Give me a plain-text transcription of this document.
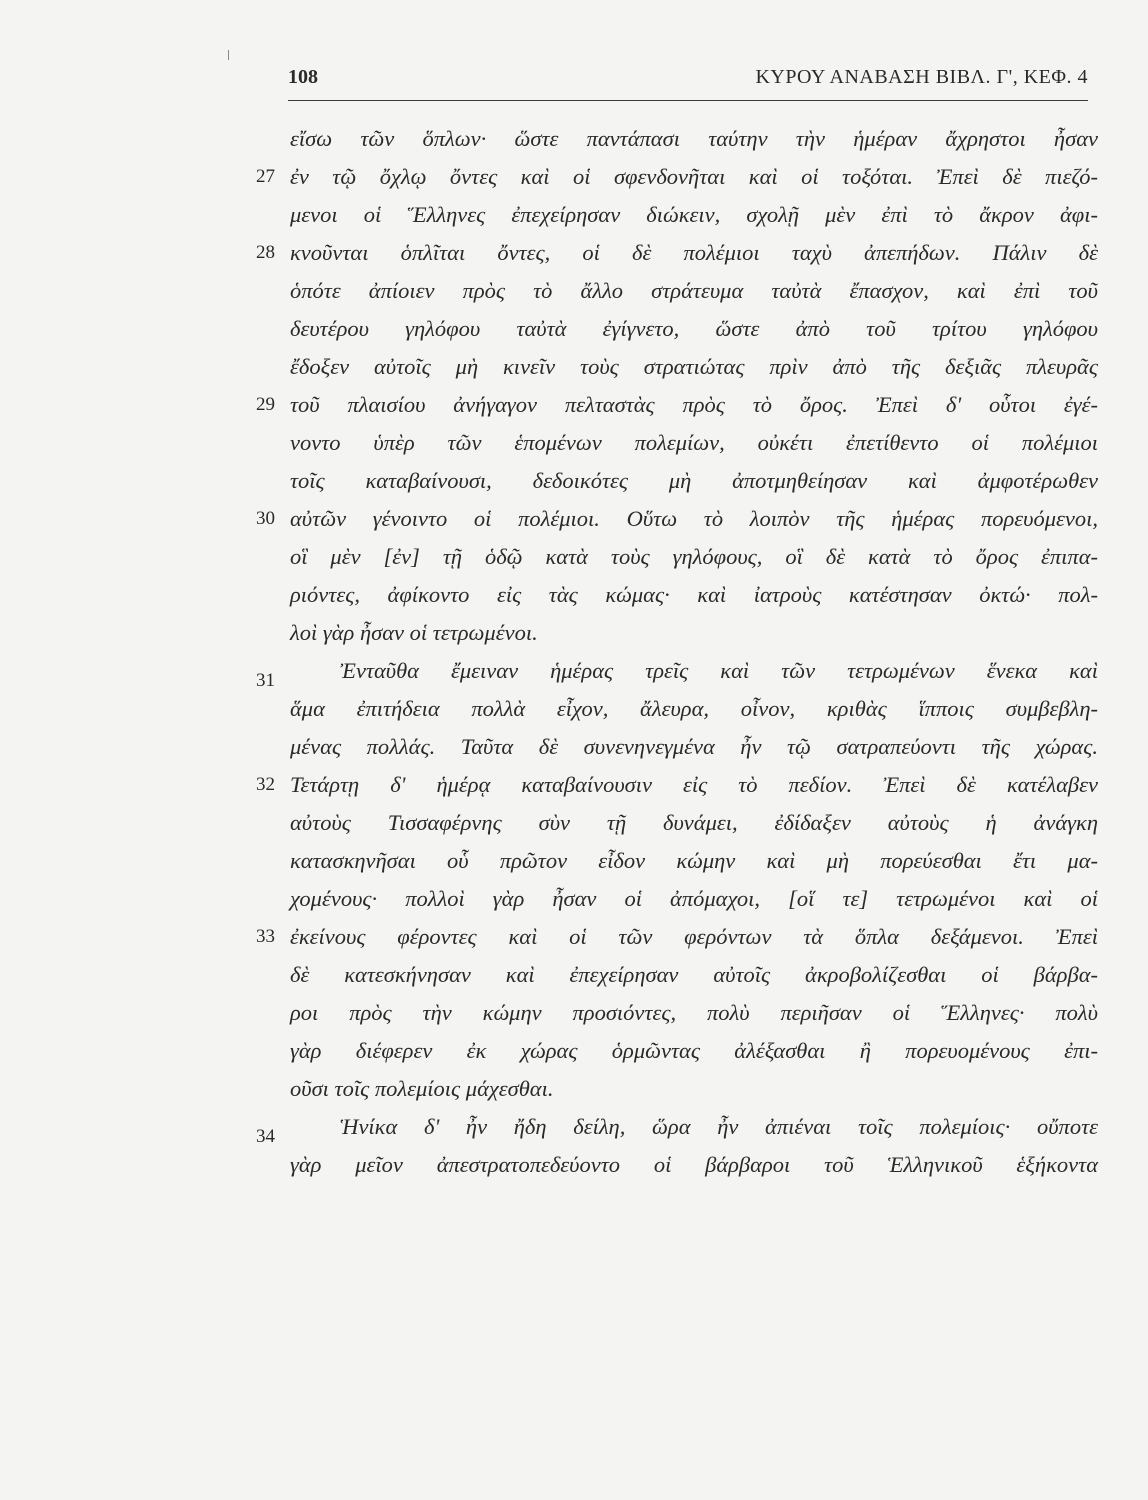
108	ΚΥΡΟΥ ΑΝΑΒΑΣΗ ΒΙΒΛ. Γ', ΚΕΦ. 4
εἴσω τῶν ὅπλων· ὥστε παντάπασι ταύτην τὴν ἡμέραν ἄχρηστοι ἦσαν
27 ἐν τῷ ὄχλῳ ὄντες καὶ οἱ σφενδονῆται καὶ οἱ τοξόται. Ἐπεὶ δὲ πιεζό-
μενοι οἱ Ἕλληνες ἐπεχείρησαν διώκειν, σχολῇ μὲν ἐπὶ τὸ ἄκρον ἀφι-
28 κνοῦνται ὁπλῖται ὄντες, οἱ δὲ πολέμιοι ταχὺ ἀπεπήδων. Πάλιν δὲ
ὁπότε ἀπίοιεν πρὸς τὸ ἄλλο στράτευμα ταὐτὰ ἔπασχον, καὶ ἐπὶ τοῦ
δευτέρου γηλόφου ταὐτὰ ἐγίγνετο, ὥστε ἀπὸ τοῦ τρίτου γηλόφου
ἔδοξεν αὐτοῖς μὴ κινεῖν τοὺς στρατιώτας πρὶν ἀπὸ τῆς δεξιᾶς πλευρᾶς
29 τοῦ πλαισίου ἀνήγαγον πελταστὰς πρὸς τὸ ὄρος. Ἐπεὶ δ' οὗτοι ἐγέ-
νοντο ὑπὲρ τῶν ἑπομένων πολεμίων, οὐκέτι ἐπετίθεντο οἱ πολέμιοι
τοῖς καταβαίνουσι, δεδοικότες μὴ ἀποτμηθείησαν καὶ ἀμφοτέρωθεν
30 αὐτῶν γένοιντο οἱ πολέμιοι. Οὕτω τὸ λοιπὸν τῆς ἡμέρας πορευόμενοι,
οἳ μὲν [ἐν] τῇ ὁδῷ κατὰ τοὺς γηλόφους, οἳ δὲ κατὰ τὸ ὄρος ἐπιπα-
ριόντες, ἀφίκοντο εἰς τὰς κώμας· καὶ ἰατροὺς κατέστησαν ὀκτώ· πολ-
λοὶ γὰρ ἦσαν οἱ τετρωμένοι.
31	Ἐνταῦθα ἔμειναν ἡμέρας τρεῖς καὶ τῶν τετρωμένων ἕνεκα καὶ
ἅμα ἐπιτήδεια πολλὰ εἶχον, ἄλευρα, οἶνον, κριθὰς ἵπποις συμβεβλη-
μένας πολλάς. Ταῦτα δὲ συνενηνεγμένα ἦν τῷ σατραπεύοντι τῆς χώρας.
32 Τετάρτῃ δ' ἡμέρᾳ καταβαίνουσιν εἰς τὸ πεδίον. Ἐπεὶ δὲ κατέλαβεν
αὐτοὺς Τισσαφέρνης σὺν τῇ δυνάμει, ἐδίδαξεν αὐτοὺς ἡ ἀνάγκη
κατασκηνῆσαι οὗ πρῶτον εἶδον κώμην καὶ μὴ πορεύεσθαι ἔτι μα-
χομένους· πολλοὶ γὰρ ἦσαν οἱ ἀπόμαχοι, [οἵ τε] τετρωμένοι καὶ οἱ
33 ἐκείνους φέροντες καὶ οἱ τῶν φερόντων τὰ ὅπλα δεξάμενοι. Ἐπεὶ
δὲ κατεσκήνησαν καὶ ἐπεχείρησαν αὐτοῖς ἀκροβολίζεσθαι οἱ βάρβα-
ροι πρὸς τὴν κώμην προσιόντες, πολὺ περιῆσαν οἱ Ἕλληνες· πολὺ
γὰρ διέφερεν ἐκ χώρας ὁρμῶντας ἀλέξασθαι ἢ πορευομένους ἐπι-
οῦσι τοῖς πολεμίοις μάχεσθαι.
34	Ἡνίκα δ' ἦν ἤδη δείλη, ὥρα ἦν ἀπιέναι τοῖς πολεμίοις· οὔποτε
γὰρ μεῖον ἀπεστρατοπεδεύοντο οἱ βάρβαροι τοῦ Ἑλληνικοῦ ἑξήκοντα
